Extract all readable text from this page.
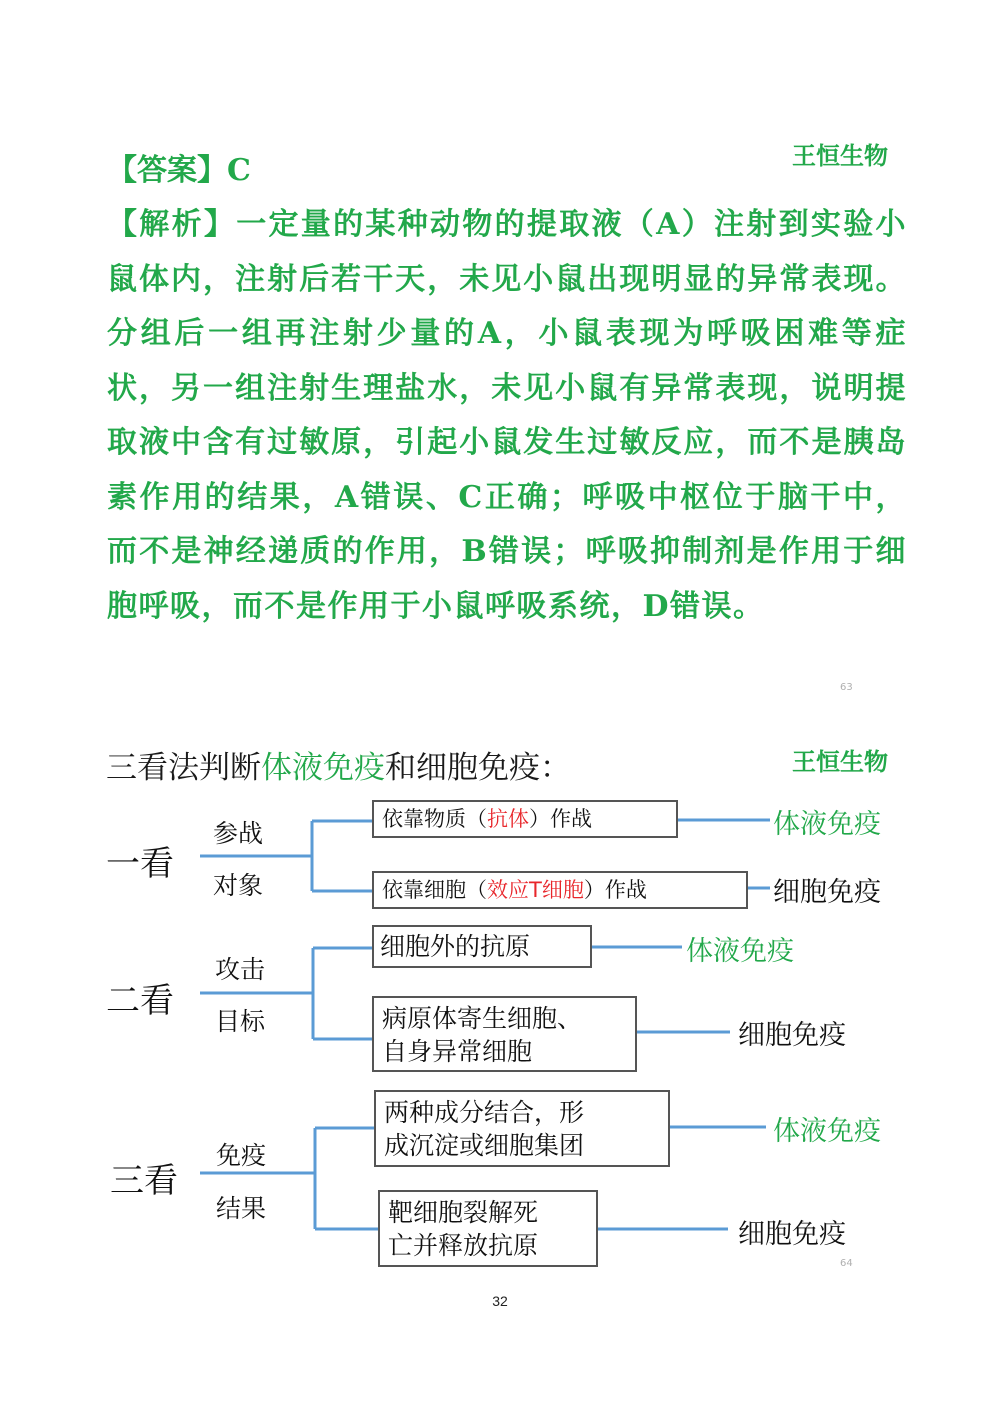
王恒生物
【答案】C
【解析】一定量的某种动物的提取液（A）注射到实验小鼠体内，注射后若干天，未见小鼠出现明显的异常表现。分组后一组再注射少量的A，小鼠表现为呼吸困难等症状，另一组注射生理盐水，未见小鼠有异常表现，说明提取液中含有过敏原，引起小鼠发生过敏反应，而不是胰岛素作用的结果，A错误、C正确；呼吸中枢位于脑干中，而不是神经递质的作用，B错误；呼吸抑制剂是作用于细胞呼吸，而不是作用于小鼠呼吸系统，D错误。
63
王恒生物
三看法判断体液免疫和细胞免疫：
一看
参战
对象
依靠物质（抗体）作战
依靠细胞（效应T细胞）作战
体液免疫
细胞免疫
二看
攻击
目标
细胞外的抗原
病原体寄生细胞、
自身异常细胞
体液免疫
细胞免疫
三看
免疫
结果
两种成分结合，形
成沉淀或细胞集团
靶细胞裂解死
亡并释放抗原
体液免疫
细胞免疫
64
32
